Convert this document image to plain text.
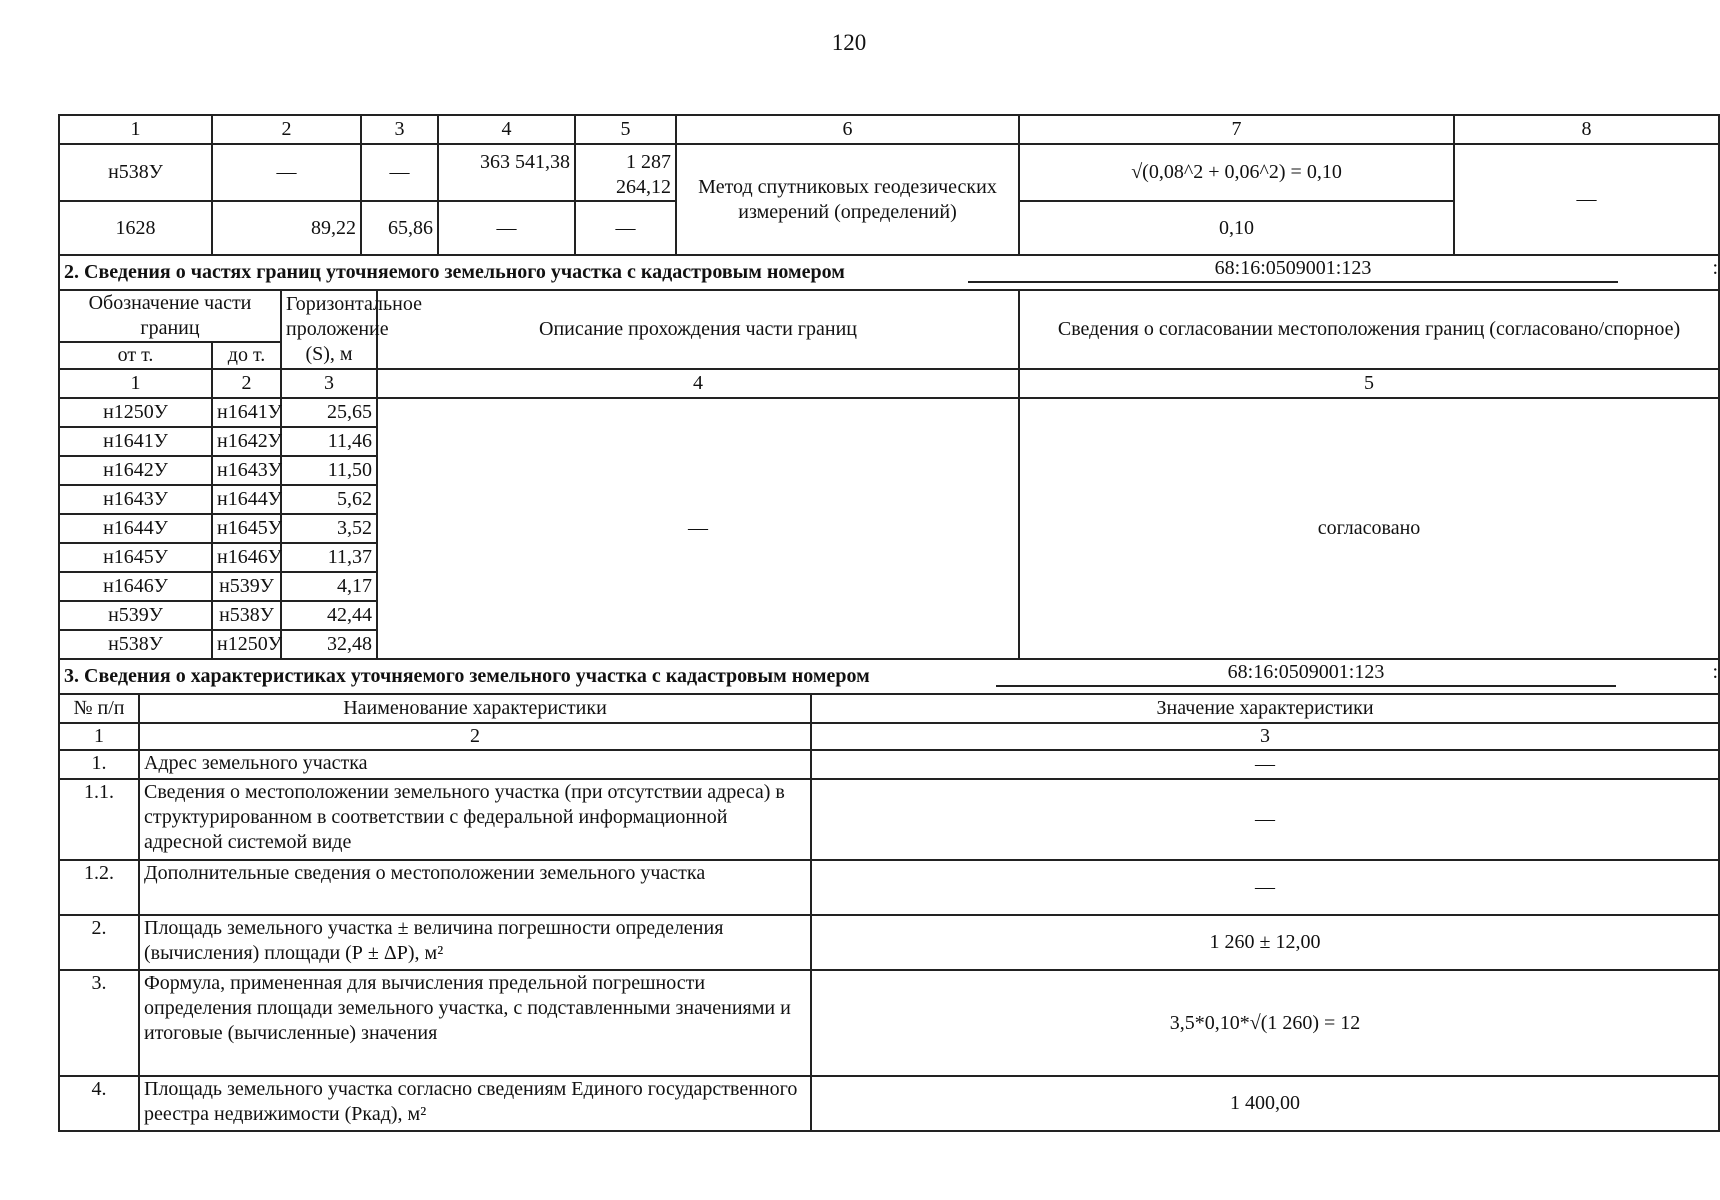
120
1		2		3		4	5	6		7	8
н538У		—		—		363 541,38	1 287 264,12	Метод спутниковых геодезических измерений (определений)		√(0,08^2 + 0,06^2) = 0,10	—
1628		89,22		65,86		—	—			0,10	
2. Сведения о частях границ уточняемого земельного участка с кадастровым номером 68:16:0509001:123 :											

Обозначение части границ			Горизонтальное проложение (S), м		Описание прохождения части границ					Сведения о согласовании местоположения границ (согласовано/спорное)	
от т.		до т.									
1		2	3		4					5	
н1250У		н1641У	25,65		—					согласовано	
н1641У		н1642У	11,46								
н1642У		н1643У	11,50								
н1643У		н1644У	5,62								
н1644У		н1645У	3,52								
н1645У		н1646У	11,37								
н1646У		н539У	4,17								
н539У		н538У	42,44								
н538У		н1250У	32,48								
3. Сведения о характеристиках уточняемого земельного участка с кадастровым номером 68:16:0509001:123 :											

№ п/п	Наименование характеристики								Значение характеристики		
1	2								3		
1.	Адрес земельного участка								—		
1.1.	Сведения о местоположении земельного участка (при отсутствии адреса) в структурированном в соответствии с федеральной информационной адресной системой виде								—		
1.2.	Дополнительные сведения о местоположении земельного участка								—		
2.	Площадь земельного участка ± величина погрешности определения (вычисления) площади (Р ± ΔР), м²								1 260 ± 12,00		
3.	Формула, примененная для вычисления предельной погрешности определения площади земельного участка, с подставленными значениями и итоговые (вычисленные) значения								3,5*0,10*√(1 260) = 12		
4.	Площадь земельного участка согласно сведениям Единого государственного реестра недвижимости (Ркад), м²								1 400,00		
